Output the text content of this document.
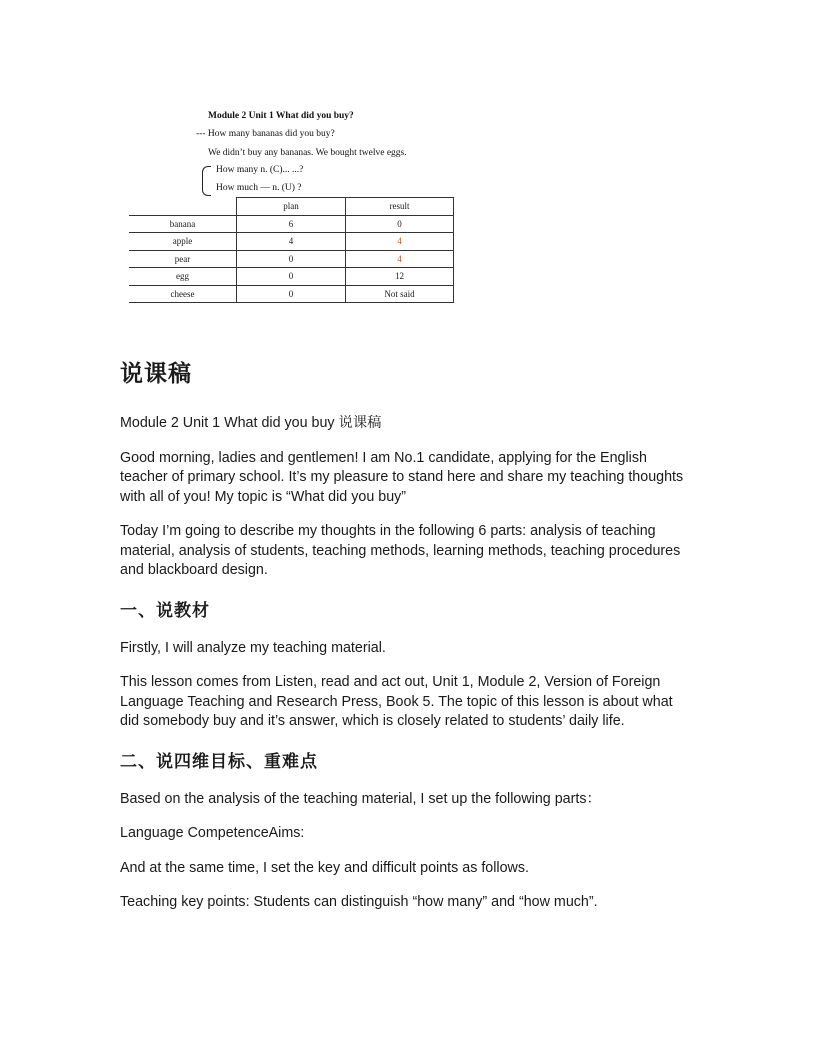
Module 2 Unit 1 What did you buy?
--- How many bananas did you buy?
We didn’t buy any bananas. We bought twelve eggs.
How many n. (C)... ...?
How much — n. (U) ?
	plan	result
banana	6	0
apple	4	4
pear	0	4
egg	0	12
cheese	0	Not said
说课稿

Module 2 Unit 1 What did you buy 说课稿

Good morning, ladies and gentlemen! I am No.1 candidate, applying for the English teacher of primary school. It’s my pleasure to stand here and share my teaching thoughts with all of you! My topic is “What did you buy”

Today I’m going to describe my thoughts in the following 6 parts: analysis of teaching material, analysis of students, teaching methods, learning methods, teaching procedures and blackboard design.

一、说教材

Firstly, I will analyze my teaching material.

This lesson comes from Listen, read and act out, Unit 1, Module 2, Version of Foreign Language Teaching and Research Press, Book 5. The topic of this lesson is about what did somebody buy and it’s answer, which is closely related to students’ daily life.

二、说四维目标、重难点

Based on the analysis of the teaching material, I set up the following parts：

Language CompetenceAims:

And at the same time, I set the key and difficult points as follows.

Teaching key points: Students can distinguish “how many” and “how much”.
